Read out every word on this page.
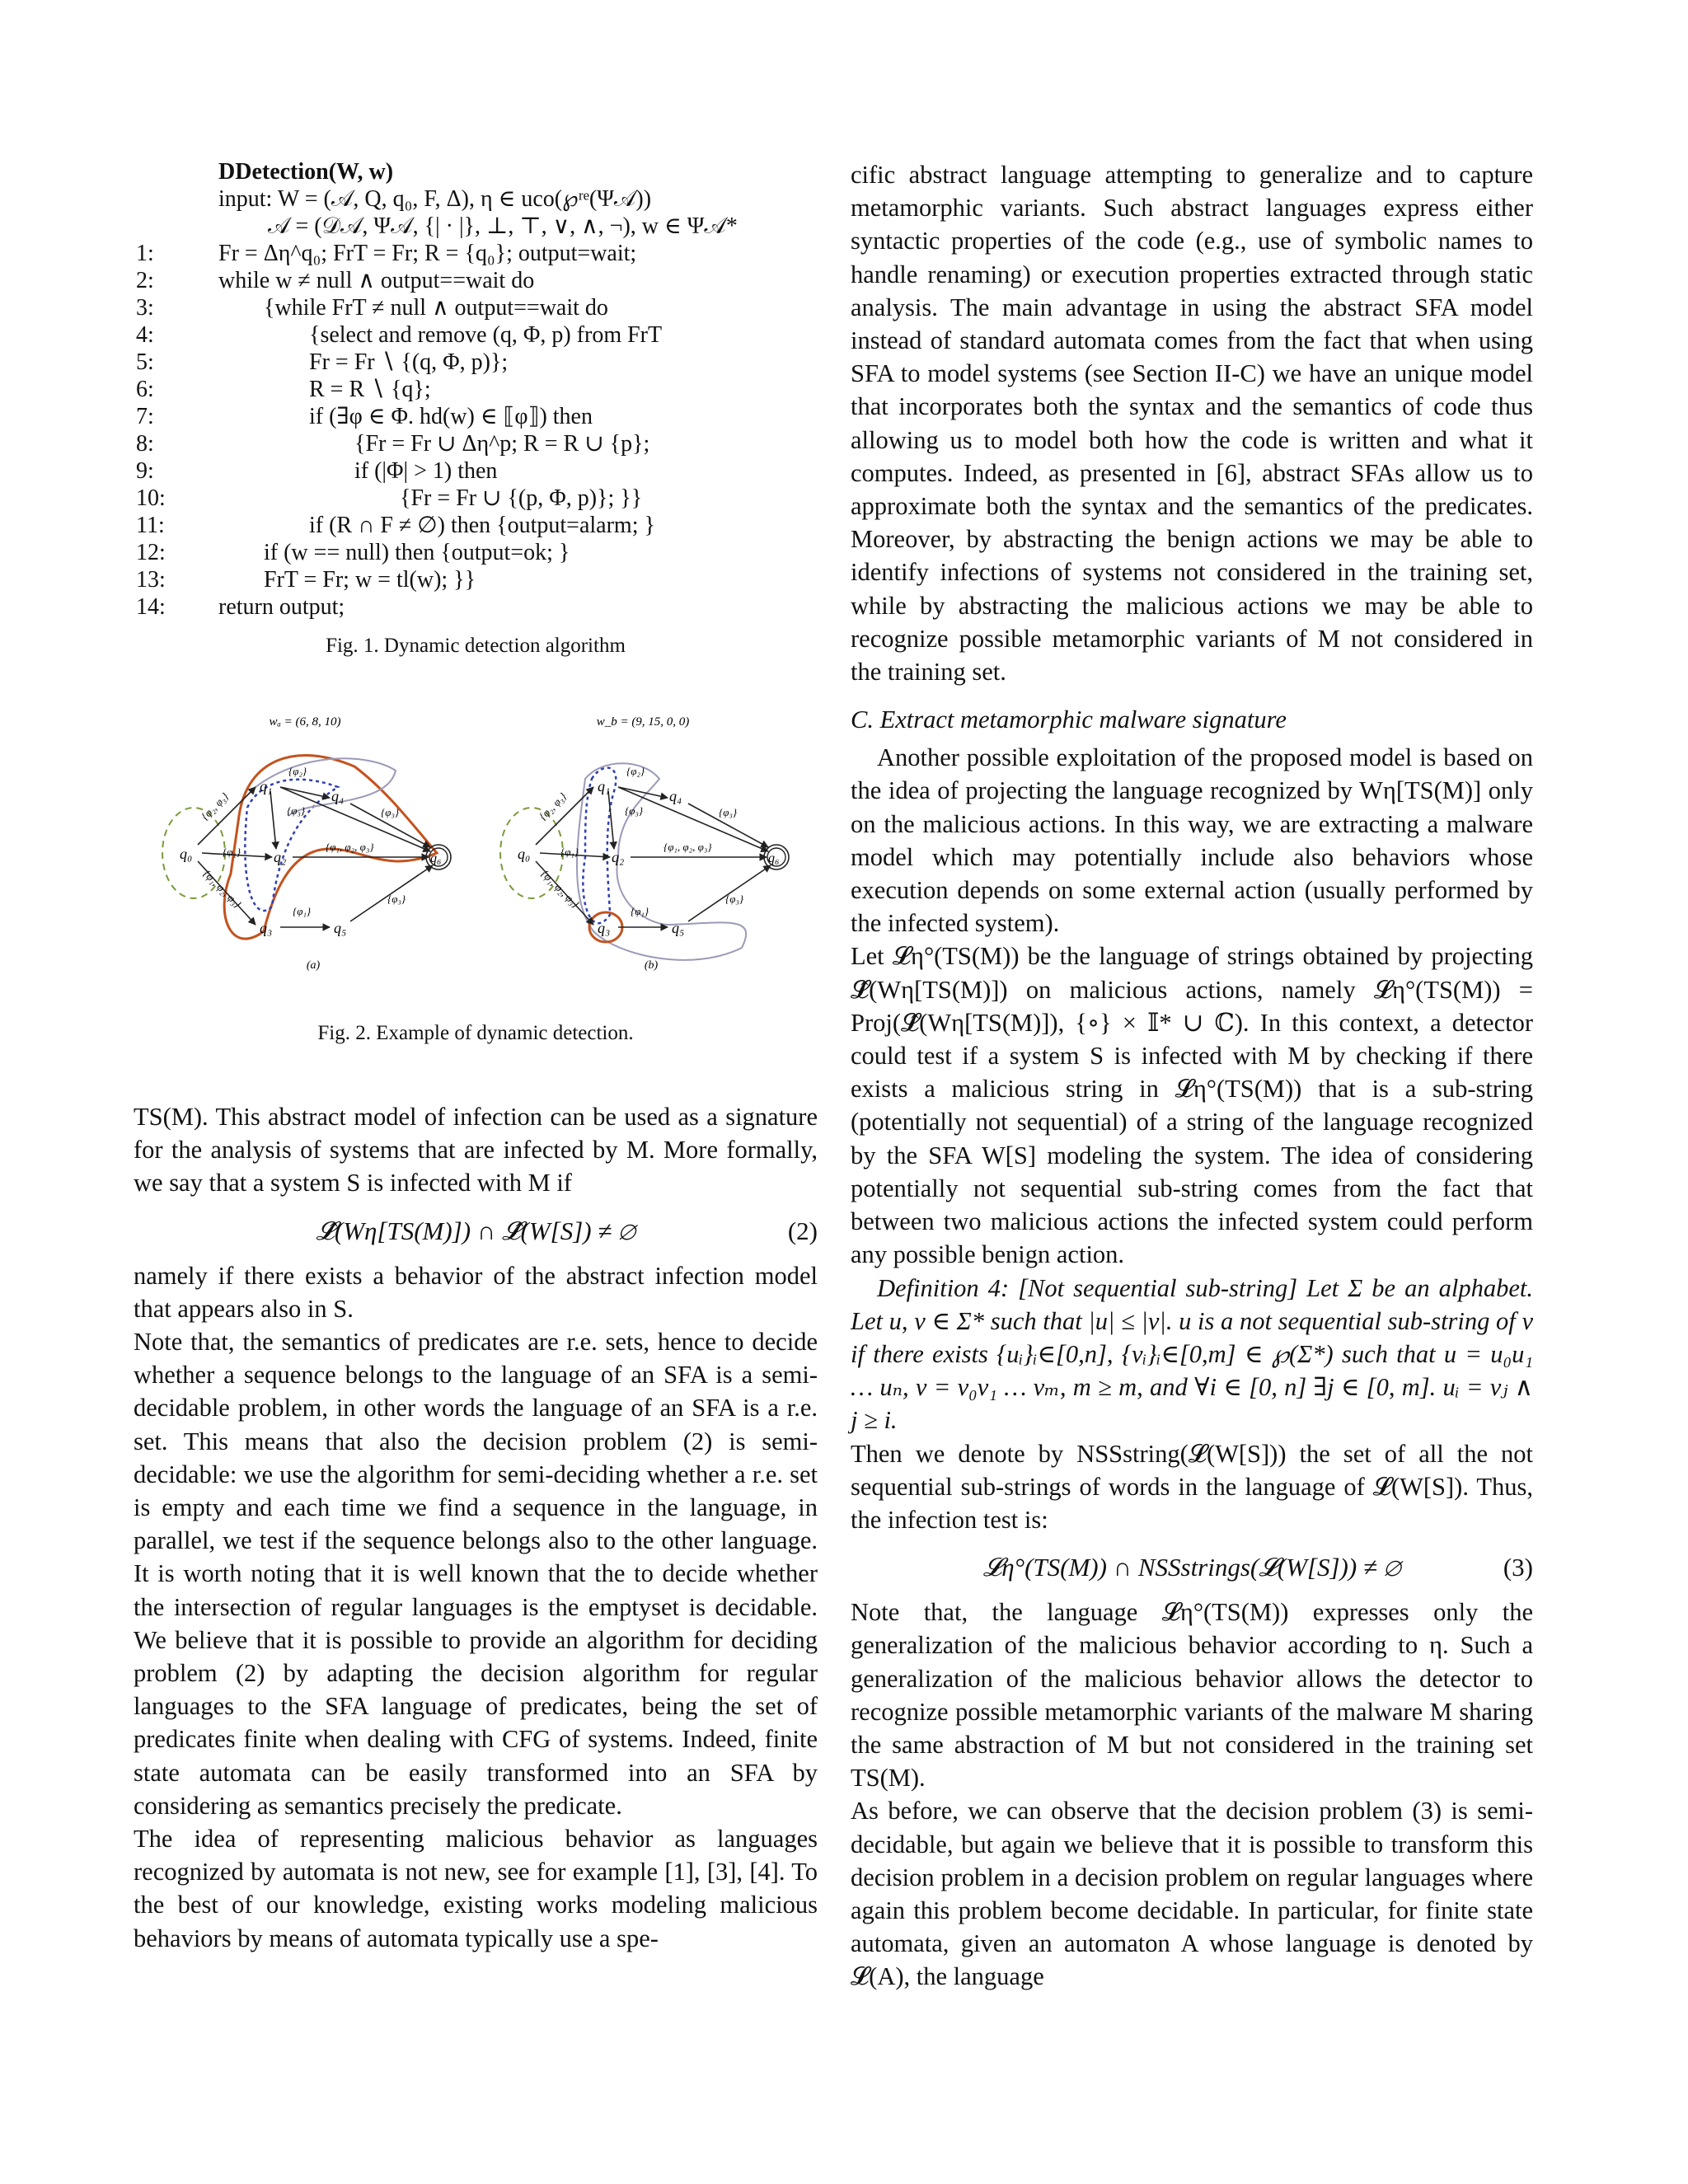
DDetection(W, w)
input: W = (𝒜, Q, q₀, F, Δ), η ∈ uco(℘ʳᵉ(Ψ𝒜))
𝒜 = (𝒟𝒜, Ψ𝒜, {| · |}, ⊥, ⊤, ∨, ∧, ¬), w ∈ Ψ𝒜*
1:	Fr = Δη^q₀; FrT = Fr; R = {q₀}; output=wait;
2:	while w ≠ null ∧ output==wait do
3:	{while FrT ≠ null ∧ output==wait do
4:	{select and remove (q, Φ, p) from FrT
5:	Fr = Fr ∖ {(q, Φ, p)};
6:	R = R ∖ {q};
7:	if (∃φ ∈ Φ. hd(w) ∈ ⟦φ⟧) then
8:	{Fr = Fr ∪ Δη^p; R = R ∪ {p};
9:	if (|Φ| > 1) then
10:	{Fr = Fr ∪ {(p, Φ, p)}; }}
11:	if (R ∩ F ≠ ∅) then {output=alarm; }
12:	if (w == null) then {output=ok; }
13:	FrT = Fr; w = tl(w); }}
14:	return output;
Fig. 1. Dynamic detection algorithm
wₐ = (6, 8, 10)
q₀
q₁
q₂
q₃
q₄
q₅
q₆
{φ₂, φ₃}
{φ₁}
{φ₁, φ₂, φ₃}
{φ₂}
{φ₃}	{φ₃}
{φ₁, φ₂, φ₃}
{φ₁}
{φ₃}
(a)
w_b = (9, 15, 0, 0)
q₀
q₁
q₂
q₃
q₄
q₅
q₆
{φ₂, φ₃}
{φ₁}
{φ₁, φ₂, φ₃}
{φ₂}
{φ₃}	{φ₃}
{φ₁, φ₂, φ₃}
{φ₁}
{φ₃}
(b)
Fig. 2. Example of dynamic detection.

TS(M). This abstract model of infection can be used as a signature for the analysis of systems that are infected by M. More formally, we say that a system S is infected with M if

𝓛̂(Wη[TS(M)]) ∩ 𝓛̂(W[S]) ≠ ∅	(2)

namely if there exists a behavior of the abstract infection model that appears also in S.

Note that, the semantics of predicates are r.e. sets, hence to decide whether a sequence belongs to the language of an SFA is a semi-decidable problem, in other words the language of an SFA is a r.e. set. This means that also the decision problem (2) is semi-decidable: we use the algorithm for semi-deciding whether a r.e. set is empty and each time we find a sequence in the language, in parallel, we test if the sequence belongs also to the other language. It is worth noting that it is well known that the to decide whether the intersection of regular languages is the emptyset is decidable. We believe that it is possible to provide an algorithm for deciding problem (2) by adapting the decision algorithm for regular languages to the SFA language of predicates, being the set of predicates finite when dealing with CFG of systems. Indeed, finite state automata can be easily transformed into an SFA by considering as semantics precisely the predicate.

The idea of representing malicious behavior as languages recognized by automata is not new, see for example [1], [3], [4]. To the best of our knowledge, existing works modeling malicious behaviors by means of automata typically use a spe-

cific abstract language attempting to generalize and to capture metamorphic variants. Such abstract languages express either syntactic properties of the code (e.g., use of symbolic names to handle renaming) or execution properties extracted through static analysis. The main advantage in using the abstract SFA model instead of standard automata comes from the fact that when using SFA to model systems (see Section II-C) we have an unique model that incorporates both the syntax and the semantics of code thus allowing us to model both how the code is written and what it computes. Indeed, as presented in [6], abstract SFAs allow us to approximate both the syntax and the semantics of the predicates. Moreover, by abstracting the benign actions we may be able to identify infections of systems not considered in the training set, while by abstracting the malicious actions we may be able to recognize possible metamorphic variants of M not considered in the training set.

C. Extract metamorphic malware signature

Another possible exploitation of the proposed model is based on the idea of projecting the language recognized by Wη[TS(M)] only on the malicious actions. In this way, we are extracting a malware model which may potentially include also behaviors whose execution depends on some external action (usually performed by the infected system).

Let 𝓛η°(TS(M)) be the language of strings obtained by projecting 𝓛̂(Wη[TS(M)]) on malicious actions, namely 𝓛η°(TS(M)) = Proj(𝓛̂(Wη[TS(M)]), {∘} × 𝕀* ∪ ℂ). In this context, a detector could test if a system S is infected with M by checking if there exists a malicious string in 𝓛η°(TS(M)) that is a sub-string (potentially not sequential) of a string of the language recognized by the SFA W[S] modeling the system. The idea of considering potentially not sequential sub-string comes from the fact that between two malicious actions the infected system could perform any possible benign action.

Definition 4: [Not sequential sub-string] Let Σ be an alphabet. Let u, v ∈ Σ* such that |u| ≤ |v|. u is a not sequential sub-string of v if there exists {uᵢ}ᵢ∈[0,n], {vᵢ}ᵢ∈[0,m] ∈ ℘(Σ*) such that u = u₀u₁ … uₙ, v = v₀v₁ … vₘ, m ≥ m, and ∀i ∈ [0, n] ∃j ∈ [0, m]. uᵢ = vⱼ ∧ j ≥ i.

Then we denote by NSSstring(𝓛(W[S])) the set of all the not sequential sub-strings of words in the language of 𝓛(W[S]). Thus, the infection test is:

𝓛η°(TS(M)) ∩ NSSstrings(𝓛(W[S])) ≠ ∅	(3)

Note that, the language 𝓛η°(TS(M)) expresses only the generalization of the malicious behavior according to η. Such a generalization of the malicious behavior allows the detector to recognize possible metamorphic variants of the malware M sharing the same abstraction of M but not considered in the training set TS(M).

As before, we can observe that the decision problem (3) is semi-decidable, but again we believe that it is possible to transform this decision problem in a decision problem on regular languages where again this problem become decidable. In particular, for finite state automata, given an automaton A whose language is denoted by 𝓛(A), the language
